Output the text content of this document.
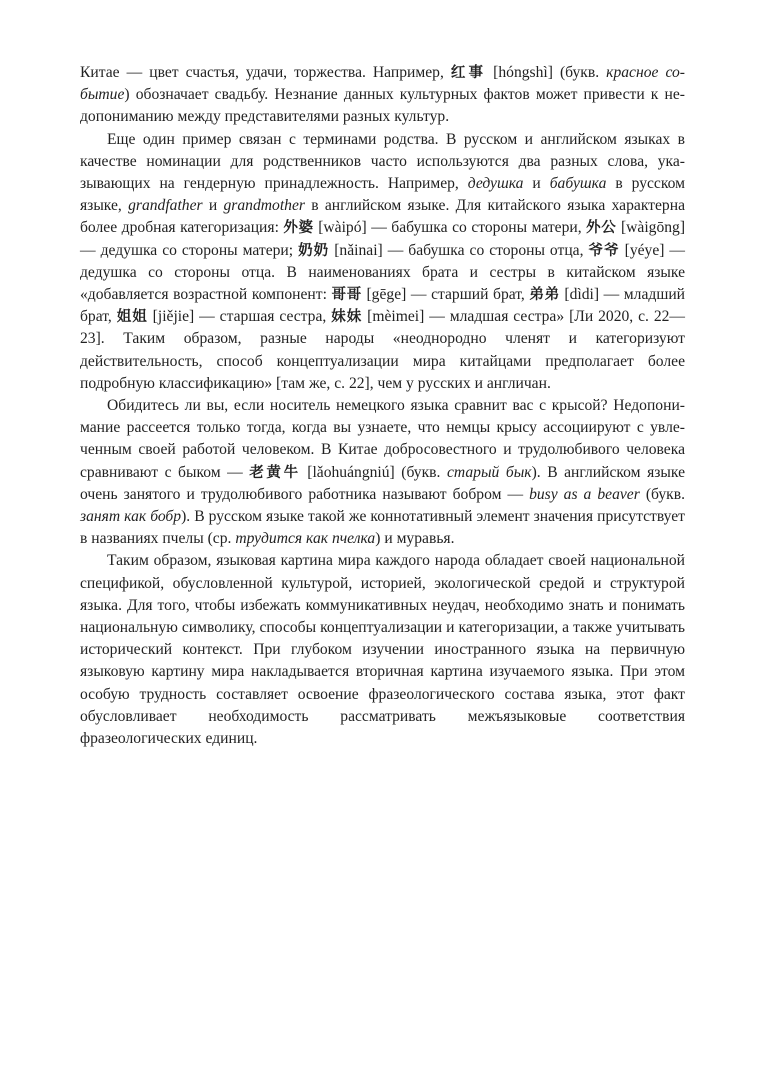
Китае — цвет счастья, удачи, торжества. Например, 红事 [hóngshì] (букв. красное событие) обозначает свадьбу. Незнание данных культурных фактов может привести к недопониманию между представителями разных культур.

Еще один пример связан с терминами родства. В русском и английском языках в качестве номинации для родственников часто используются два разных слова, указывающих на гендерную принадлежность. Например, дедушка и бабушка в русском языке, grandfather и grandmother в английском языке. Для китайского языка характерна более дробная категоризация: 外婆 [wàipó] — бабушка со стороны матери, 外公 [wàigōng] — дедушка со стороны матери; 奶奶 [nǎinai] — бабушка со стороны отца, 爷爷 [yéye] — дедушка со стороны отца. В наименованиях брата и сестры в китайском языке «добавляется возрастной компонент: 哥哥 [gēge] — старший брат, 弟弟 [dìdi] — младший брат, 姐姐 [jiějie] — старшая сестра, 妹妹 [mèimei] — младшая сестра» [Ли 2020, с. 22—23]. Таким образом, разные народы «неоднородно членят и категоризуют действительность, способ концептуализации мира китайцами предполагает более подробную классификацию» [там же, с. 22], чем у русских и англичан.

Обидитесь ли вы, если носитель немецкого языка сравнит вас с крысой? Недопонимание рассеется только тогда, когда вы узнаете, что немцы крысу ассоциируют с увлеченным своей работой человеком. В Китае добросовестного и трудолюбивого человека сравнивают с быком — 老黄牛 [lǎohuángniú] (букв. старый бык). В английском языке очень занятого и трудолюбивого работника называют бобром — busy as a beaver (букв. занят как бобр). В русском языке такой же коннотативный элемент значения присутствует в названиях пчелы (ср. трудится как пчелка) и муравья.

Таким образом, языковая картина мира каждого народа обладает своей национальной спецификой, обусловленной культурой, историей, экологической средой и структурой языка. Для того, чтобы избежать коммуникативных неудач, необходимо знать и понимать национальную символику, способы концептуализации и категоризации, а также учитывать исторический контекст. При глубоком изучении иностранного языка на первичную языковую картину мира накладывается вторичная картина изучаемого языка. При этом особую трудность составляет освоение фразеологического состава языка, этот факт обусловливает необходимость рассматривать межъязыковые соответствия фразеологических единиц.
